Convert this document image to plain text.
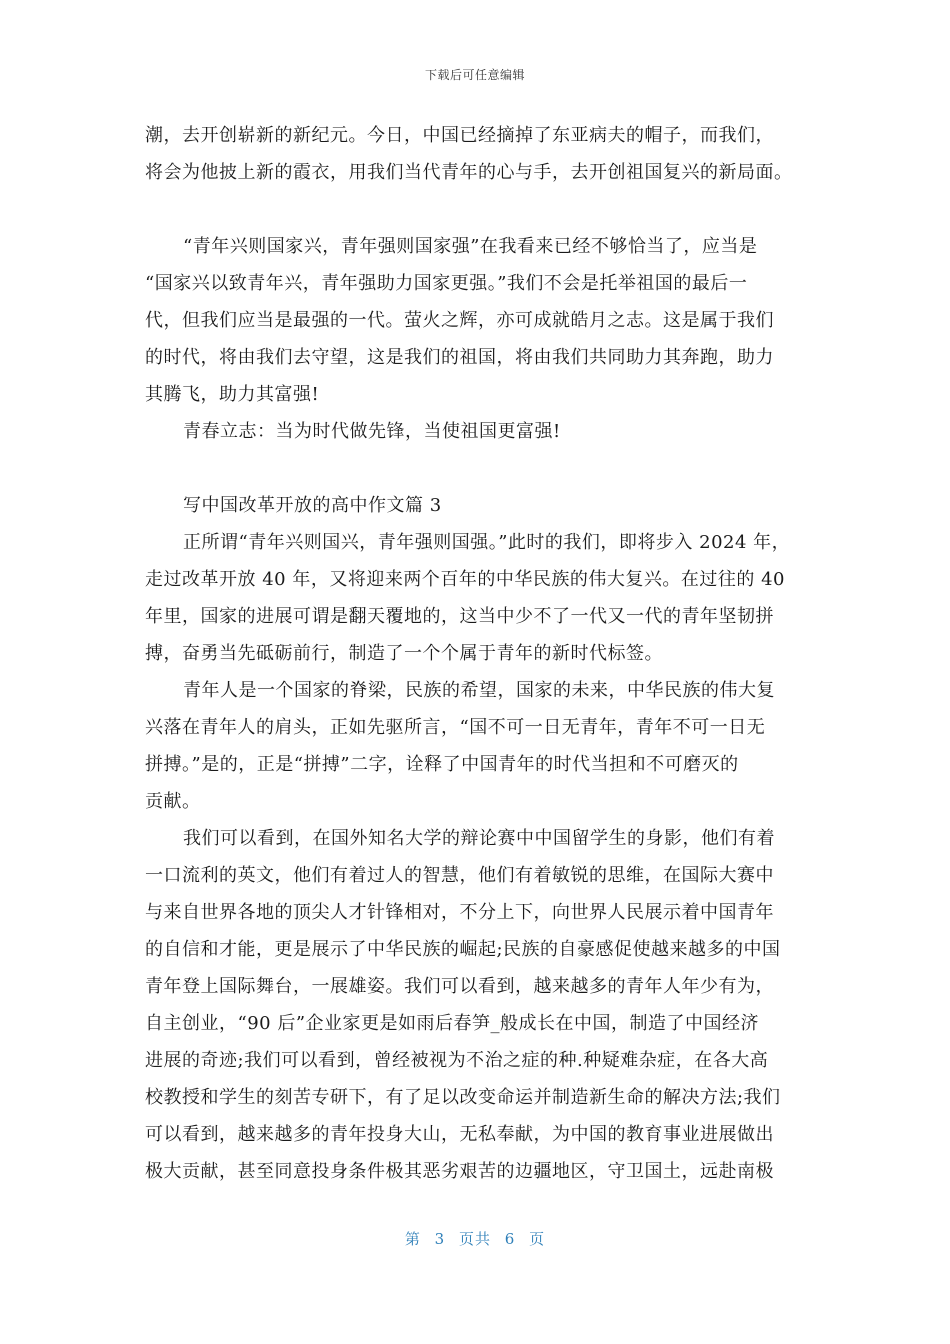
下载后可任意编辑
潮，去开创崭新的新纪元。今日，中国已经摘掉了东亚病夫的帽子，而我们，
将会为他披上新的霞衣，用我们当代青年的心与手，去开创祖国复兴的新局面。
“青年兴则国家兴，青年强则国家强”在我看来已经不够恰当了，应当是
“国家兴以致青年兴，青年强助力国家更强。”我们不会是托举祖国的最后一
代，但我们应当是最强的一代。萤火之辉，亦可成就皓月之志。这是属于我们
的时代，将由我们去守望，这是我们的祖国，将由我们共同助力其奔跑，助力
其腾飞，助力其富强!
青春立志：当为时代做先锋，当使祖国更富强!
写中国改革开放的高中作文篇 3
正所谓“青年兴则国兴，青年强则国强。”此时的我们，即将步入 2024 年，
走过改革开放 40 年，又将迎来两个百年的中华民族的伟大复兴。在过往的 40
年里，国家的进展可谓是翻天覆地的，这当中少不了一代又一代的青年坚韧拼
搏，奋勇当先砥砺前行，制造了一个个属于青年的新时代标签。
青年人是一个国家的脊梁，民族的希望，国家的未来，中华民族的伟大复
兴落在青年人的肩头，正如先驱所言，“国不可一日无青年，青年不可一日无
拼搏。”是的，正是“拼搏”二字，诠释了中国青年的时代当担和不可磨灭的
贡献。
我们可以看到，在国外知名大学的辩论赛中中国留学生的身影，他们有着
一口流利的英文，他们有着过人的智慧，他们有着敏锐的思维，在国际大赛中
与来自世界各地的顶尖人才针锋相对，不分上下，向世界人民展示着中国青年
的自信和才能，更是展示了中华民族的崛起;民族的自豪感促使越来越多的中国
青年登上国际舞台，一展雄姿。我们可以看到，越来越多的青年人年少有为，
自主创业，“90 后”企业家更是如雨后春笋_般成长在中国，制造了中国经济
进展的奇迹;我们可以看到，曾经被视为不治之症的种.种疑难杂症，在各大高
校教授和学生的刻苦专研下，有了足以改变命运并制造新生命的解决方法;我们
可以看到，越来越多的青年投身大山，无私奉献，为中国的教育事业进展做出
极大贡献，甚至同意投身条件极其恶劣艰苦的边疆地区，守卫国土，远赴南极
第 3 页共 6 页
